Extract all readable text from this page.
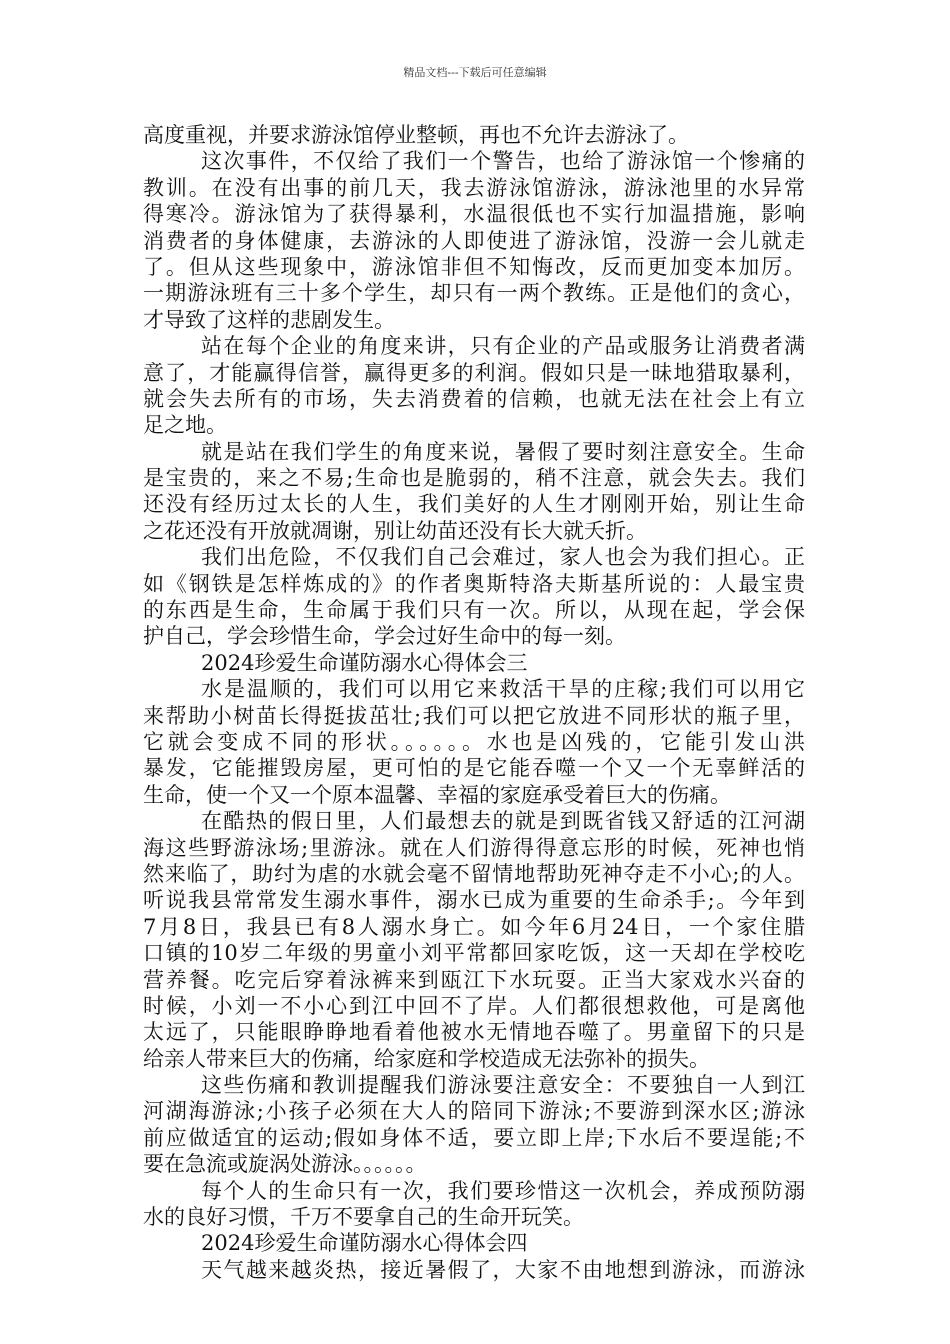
精品文档---下载后可任意编辑
高度重视，并要求游泳馆停业整顿，再也不允许去游泳了。
这次事件，不仅给了我们一个警告，也给了游泳馆一个惨痛的
教训。在没有出事的前几天，我去游泳馆游泳，游泳池里的水异常
得寒冷。游泳馆为了获得暴利，水温很低也不实行加温措施，影响
消费者的身体健康，去游泳的人即使进了游泳馆，没游一会儿就走
了。但从这些现象中，游泳馆非但不知悔改，反而更加变本加厉。
一期游泳班有三十多个学生，却只有一两个教练。正是他们的贪心，
才导致了这样的悲剧发生。
站在每个企业的角度来讲，只有企业的产品或服务让消费者满
意了，才能赢得信誉，赢得更多的利润。假如只是一昧地猎取暴利，
就会失去所有的市场，失去消费着的信赖，也就无法在社会上有立
足之地。
就是站在我们学生的角度来说，暑假了要时刻注意安全。生命
是宝贵的，来之不易;生命也是脆弱的，稍不注意，就会失去。我们
还没有经历过太长的人生，我们美好的人生才刚刚开始，别让生命
之花还没有开放就凋谢，别让幼苗还没有长大就夭折。
我们出危险，不仅我们自己会难过，家人也会为我们担心。正
如《钢铁是怎样炼成的》的作者奥斯特洛夫斯基所说的：人最宝贵
的东西是生命，生命属于我们只有一次。所以，从现在起，学会保
护自己，学会珍惜生命，学会过好生命中的每一刻。
2024珍爱生命谨防溺水心得体会三
水是温顺的，我们可以用它来救活干旱的庄稼;我们可以用它
来帮助小树苗长得挺拔茁壮;我们可以把它放进不同形状的瓶子里，
它就会变成不同的形状。。。。。。水也是凶残的，它能引发山洪
暴发，它能摧毁房屋，更可怕的是它能吞噬一个又一个无辜鲜活的
生命，使一个又一个原本温馨、幸福的家庭承受着巨大的伤痛。
在酷热的假日里，人们最想去的就是到既省钱又舒适的江河湖
海这些野游泳场;里游泳。就在人们游得得意忘形的时候，死神也悄
然来临了，助纣为虐的水就会毫不留情地帮助死神夺走不小心;的人。
听说我县常常发生溺水事件，溺水已成为重要的生命杀手;。今年到
7月8日，我县已有8人溺水身亡。如今年6月24日，一个家住腊
口镇的10岁二年级的男童小刘平常都回家吃饭，这一天却在学校吃
营养餐。吃完后穿着泳裤来到瓯江下水玩耍。正当大家戏水兴奋的
时候，小刘一不小心到江中回不了岸。人们都很想救他，可是离他
太远了，只能眼睁睁地看着他被水无情地吞噬了。男童留下的只是
给亲人带来巨大的伤痛，给家庭和学校造成无法弥补的损失。
这些伤痛和教训提醒我们游泳要注意安全：不要独自一人到江
河湖海游泳;小孩子必须在大人的陪同下游泳;不要游到深水区;游泳
前应做适宜的运动;假如身体不适，要立即上岸;下水后不要逞能;不
要在急流或旋涡处游泳。。。。。。
每个人的生命只有一次，我们要珍惜这一次机会，养成预防溺
水的良好习惯，千万不要拿自己的生命开玩笑。
2024珍爱生命谨防溺水心得体会四
天气越来越炎热，接近暑假了，大家不由地想到游泳，而游泳
